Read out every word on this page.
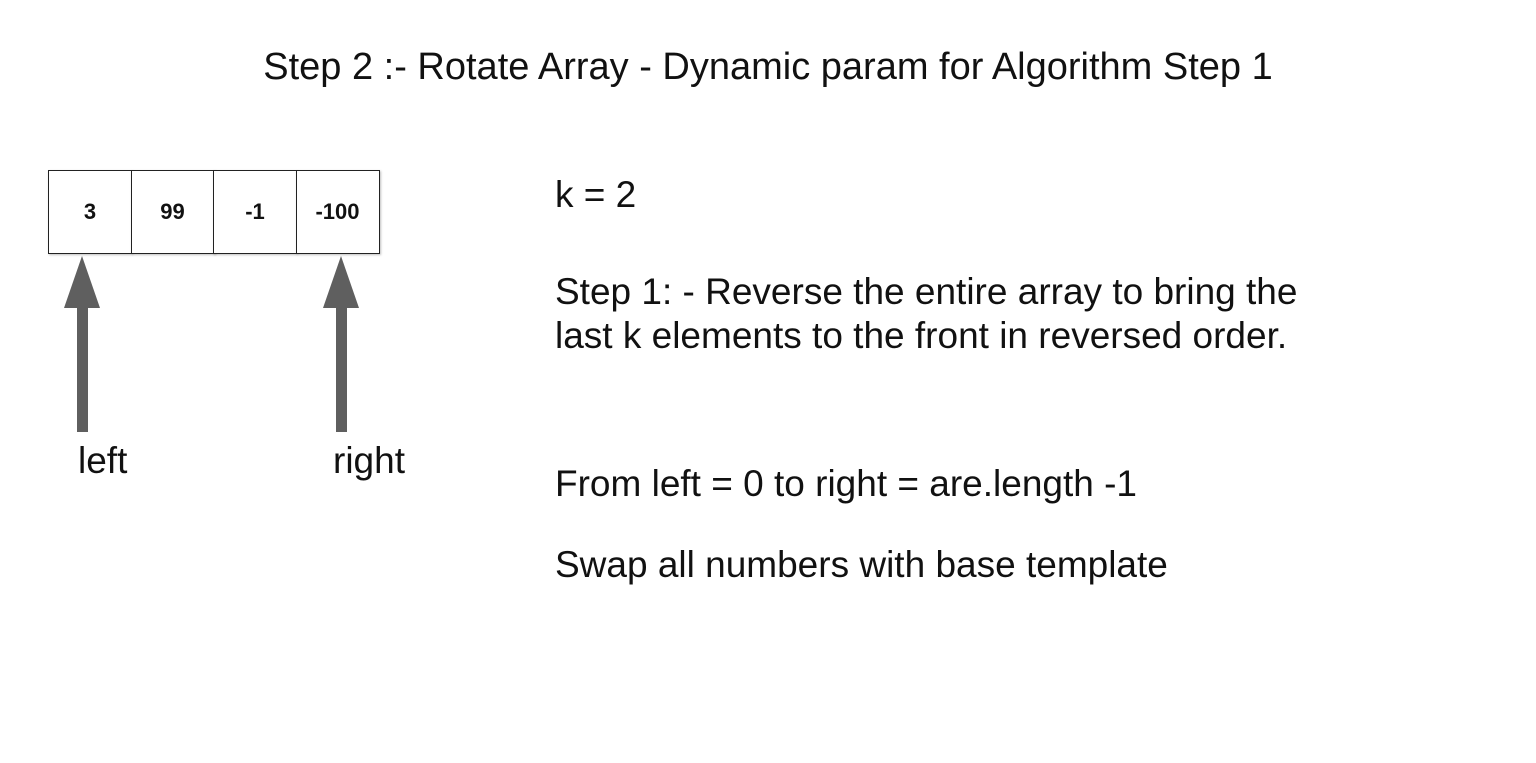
Step 2 :- Rotate Array - Dynamic param for Algorithm Step 1
3	99	-1	-100
left	right
k = 2
Step 1: - Reverse the entire array to bring the
last k elements to the front in reversed order.
From left = 0 to right = are.length -1
Swap all numbers with base template
